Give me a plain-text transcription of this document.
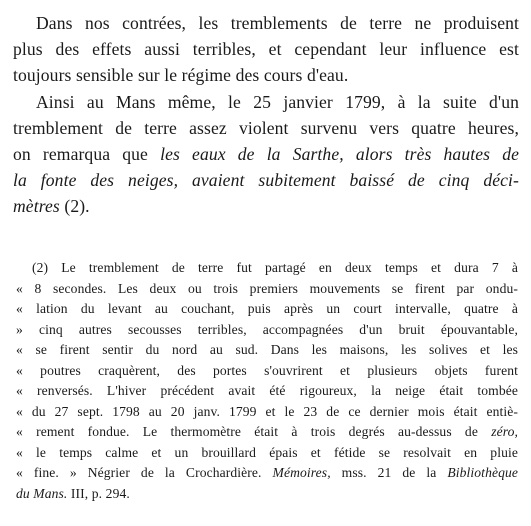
Dans nos contrées, les tremblements de terre ne produisent
plus des effets aussi terribles, et cependant leur influence est
toujours sensible sur le régime des cours d'eau.
Ainsi au Mans même, le 25 janvier 1799, à la suite d'un
tremblement de terre assez violent survenu vers quatre heures,
on remarqua que les eaux de la Sarthe, alors très hautes de
la fonte des neiges, avaient subitement baissé de cinq déci-
mètres (2).
(2) Le tremblement de terre fut partagé en deux temps et dura 7 à
« 8 secondes. Les deux ou trois premiers mouvements se firent par ondu-
« lation du levant au couchant, puis après un court intervalle, quatre à
» cinq autres secousses terribles, accompagnées d'un bruit épouvantable,
« se firent sentir du nord au sud. Dans les maisons, les solives et les
« poutres craquèrent, des portes s'ouvrirent et plusieurs objets furent
« renversés. L'hiver précédent avait été rigoureux, la neige était tombée
« du 27 sept. 1798 au 20 janv. 1799 et le 23 de ce dernier mois était entiè-
« rement fondue. Le thermomètre était à trois degrés au-dessus de zéro,
« le temps calme et un brouillard épais et fétide se resolvait en pluie
« fine. » Négrier de la Crochardière. Mémoires, mss. 21 de la Bibliothèque
du Mans. III, p. 294.
